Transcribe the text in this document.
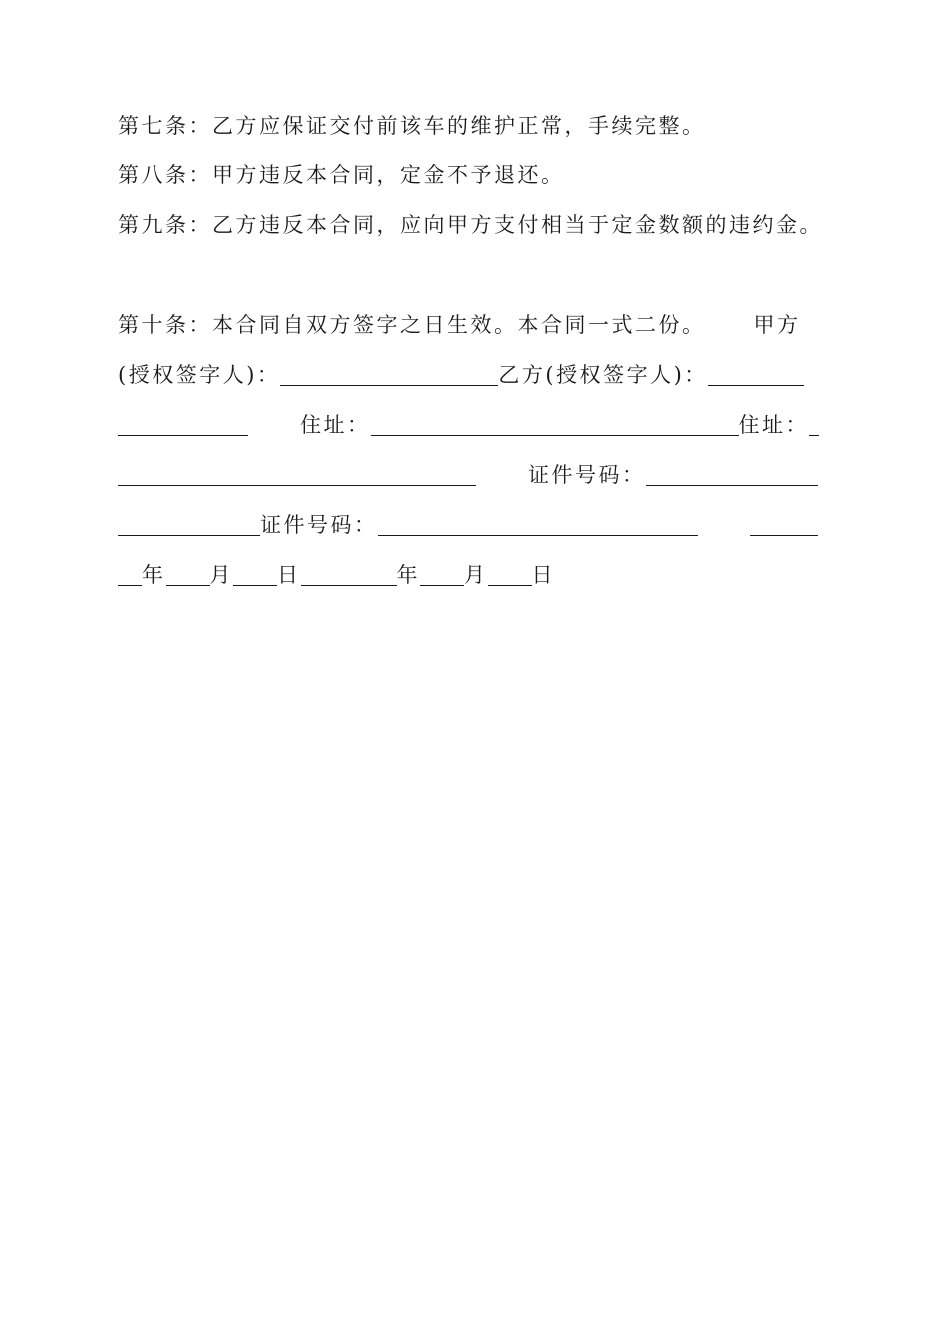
第七条：乙方应保证交付前该车的维护正常，手续完整。
第八条：甲方违反本合同，定金不予退还。
第九条：乙方违反本合同，应向甲方支付相当于定金数额的违约金。
第十条：本合同自双方签字之日生效。本合同一式二份。 甲方
(授权签字人)：	乙方(授权签字人)：
住址：	住址：
证件号码：
证件号码：
年 月 日	年 月 日
